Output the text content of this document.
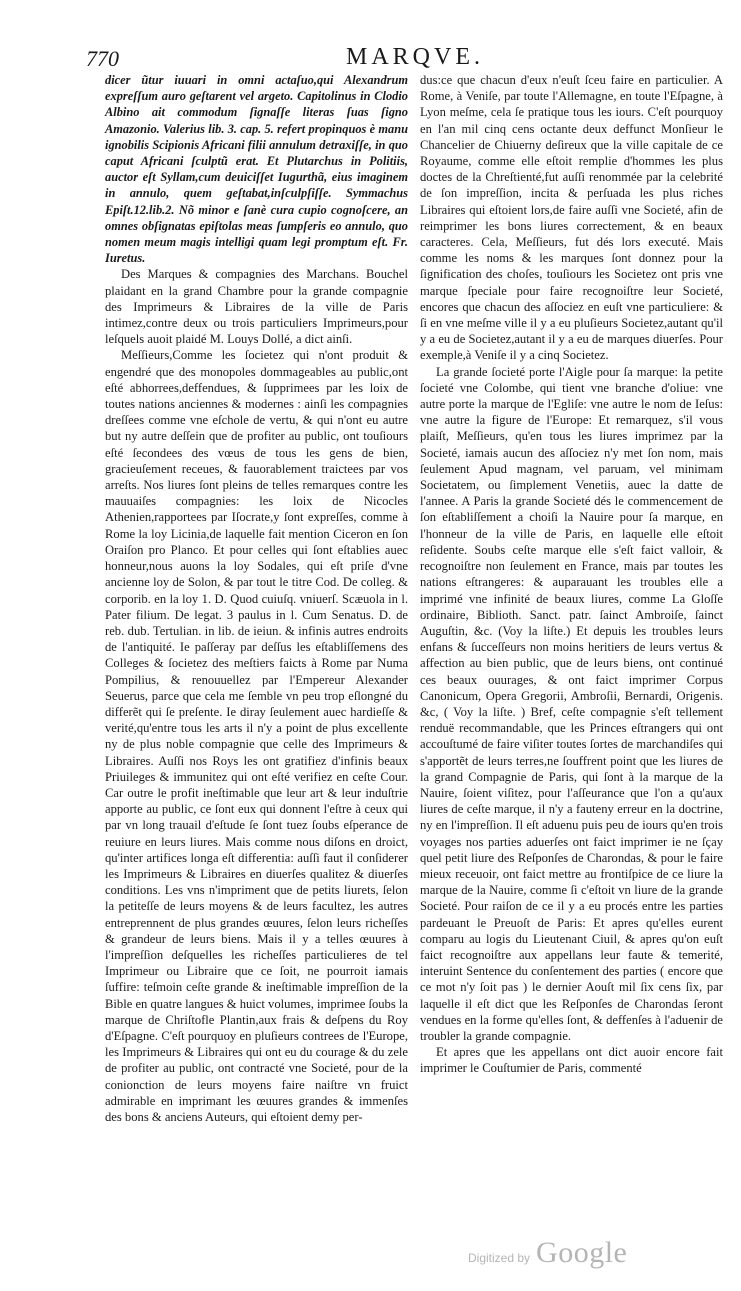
770	MARQVE.

dicer ũtur iuuari in omni actaſuo,qui Alexandrum expreſſum auro geſtarent vel argeto. Capitolinus in Clodio Albino ait commodum ſignaſſe literas ſuas ſigno Amazonio. Valerius lib. 3. cap. 5. refert propinquos è manu ignobilis Scipionis Africani filii annulum detraxiſſe, in quo caput Africani ſculptũ erat. Et Plutarchus in Politiis, auctor eſt Syllam,cum deuiciſſet Iugurthã, eius imaginem in annulo, quem geſtabat,inſculpſiſſe. Symmachus Epiſt.12.lib.2. Nõ minor e ſanè cura cupio cognoſcere, an omnes obſignatas epiſtolas meas ſumpſeris eo annulo, quo nomen meum magis intelligi quam legi promptum eſt. Fr. Iuretus.

Des Marques & compagnies des Marchans. Bouchel plaidant en la grand Chambre pour la grande compagnie des Imprimeurs & Libraires de la ville de Paris intimez,contre deux ou trois particuliers Imprimeurs,pour leſquels auoit plaidé M. Louys Dollé, a dict ainſi.

Meſſieurs,Comme les ſocietez qui n'ont produit & engendré que des monopoles dommageables au public,ont eſté abhorrees,deffendues, & ſupprimees par les loix de toutes nations anciennes & modernes : ainſi les compagnies dreſſees comme vne eſchole de vertu, & qui n'ont eu autre but ny autre deſſein que de profiter au public, ont touſiours eſté ſecondees des vœus de tous les gens de bien, gracieuſement receues, & fauorablement traictees par vos arreſts. Nos liures ſont pleins de telles remarques contre les mauuaiſes compagnies: les loix de Nicocles Athenien,rapportees par Iſocrate,y ſont expreſſes, comme à Rome la loy Licinia,de laquelle fait mention Ciceron en ſon Oraiſon pro Planco. Et pour celles qui ſont eſtablies auec honneur,nous auons la loy Sodales, qui eſt priſe d'vne ancienne loy de Solon, & par tout le titre Cod. De colleg. & corporib. en la loy 1. D. Quod cuiuſq. vniuerſ. Scæuola in l. Pater filium. De legat. 3 paulus in l. Cum Senatus. D. de reb. dub. Tertulian. in lib. de ieiun. & infinis autres endroits de l'antiquité. Ie paſſeray par deſſus les eſtabliſſemens des Colleges & ſocietez des meſtiers faicts à Rome par Numa Pompilius, & renouuellez par l'Empereur Alexander Seuerus, parce que cela me ſemble vn peu trop eſlongné du differẽt qui ſe preſente. Ie diray ſeulement auec hardieſſe & verité,qu'entre tous les arts il n'y a point de plus excellente ny de plus noble compagnie que celle des Imprimeurs & Libraires. Auſſi nos Roys les ont gratifiez d'infinis beaux Priuileges & immunitez qui ont eſté verifiez en ceſte Cour. Car outre le profit ineſtimable que leur art & leur induſtrie apporte au public, ce ſont eux qui donnent l'eſtre à ceux qui par vn long trauail d'eſtude ſe ſont tuez ſoubs eſperance de reuiure en leurs liures. Mais comme nous diſons en droict, qu'inter artifices longa eſt differentia: auſſi faut il conſiderer les Imprimeurs & Libraires en diuerſes qualitez & diuerſes conditions. Les vns n'impriment que de petits liurets, ſelon la petiteſſe de leurs moyens & de leurs facultez, les autres entreprennent de plus grandes œuures, ſelon leurs richeſſes & grandeur de leurs biens. Mais il y a telles œuures à l'impreſſion deſquelles les richeſſes particulieres de tel Imprimeur ou Libraire que ce ſoit, ne pourroit iamais ſuffire: teſmoin ceſte grande & ineſtimable impreſſion de la Bible en quatre langues & huict volumes, imprimee ſoubs la marque de Chriſtofle Plantin,aux frais & deſpens du Roy d'Eſpagne. C'eſt pourquoy en pluſieurs contrees de l'Europe, les Imprimeurs & Libraires qui ont eu du courage & du zele de profiter au public, ont contracté vne Societé, pour de la conionction de leurs moyens faire naiſtre vn fruict admirable en imprimant les œuures grandes & immenſes des bons & anciens Auteurs, qui eſtoient demy per-

dus:ce que chacun d'eux n'euſt ſceu faire en particulier. A Rome, à Veniſe, par toute l'Allemagne, en toute l'Eſpagne, à Lyon meſme, cela ſe pratique tous les iours. C'eſt pourquoy en l'an mil cinq cens octante deux deffunct Monſieur le Chancelier de Chiuerny deſireux que la ville capitale de ce Royaume, comme elle eſtoit remplie d'hommes les plus doctes de la Chreſtienté,fut auſſi renommée par la celebrité de ſon impreſſion, incita & perſuada les plus riches Libraires qui eſtoient lors,de faire auſſi vne Societé, afin de reimprimer les bons liures correctement, & en beaux caracteres. Cela, Meſſieurs, fut dés lors executé. Mais comme les noms & les marques ſont donnez pour la ſignification des choſes, touſiours les Societez ont pris vne marque ſpeciale pour faire recognoiſtre leur Societé, encores que chacun des aſſociez en euſt vne particuliere: & ſi en vne meſme ville il y a eu pluſieurs Societez,autant qu'il y a eu de Societez,autant il y a eu de marques diuerſes. Pour exemple,à Veniſe il y a cinq Societez.

La grande ſocieté porte l'Aigle pour ſa marque: la petite ſocieté vne Colombe, qui tient vne branche d'oliue: vne autre porte la marque de l'Egliſe: vne autre le nom de Ieſus: vne autre la figure de l'Europe: Et remarquez, s'il vous plaiſt, Meſſieurs, qu'en tous les liures imprimez par la Societé, iamais aucun des aſſociez n'y met ſon nom, mais ſeulement Apud magnam, vel paruam, vel minimam Societatem, ou ſimplement Venetiis, auec la datte de l'annee. A Paris la grande Societé dés le commencement de ſon eſtabliſſement a choiſi la Nauire pour ſa marque, en l'honneur de la ville de Paris, en laquelle elle eſtoit reſidente. Soubs ceſte marque elle s'eſt faict valloir, & recognoiſtre non ſeulement en France, mais par toutes les nations eſtrangeres: & auparauant les troubles elle a imprimé vne infinité de beaux liures, comme La Gloſſe ordinaire, Biblioth. Sanct. patr. ſainct Ambroiſe, ſainct Auguſtin, &c. (Voy la liſte.) Et depuis les troubles leurs enfans & ſucceſſeurs non moins heritiers de leurs vertus & affection au bien public, que de leurs biens, ont continué ces beaux ouurages, & ont faict imprimer Corpus Canonicum, Opera Gregorii, Ambroſii, Bernardi, Origenis. &c, ( Voy la liſte. ) Bref, ceſte compagnie s'eſt tellement renduë recommandable, que les Princes eſtrangers qui ont accouſtumé de faire viſiter toutes ſortes de marchandiſes qui s'apportẽt de leurs terres,ne ſouffrent point que les liures de la grand Compagnie de Paris, qui ſont à la marque de la Nauire, ſoient viſitez, pour l'aſſeurance que l'on a qu'aux liures de ceſte marque, il n'y a fauteny erreur en la doctrine, ny en l'impreſſion. Il eſt aduenu puis peu de iours qu'en trois voyages nos parties aduerſes ont faict imprimer ie ne ſçay quel petit liure des Reſponſes de Charondas, & pour le faire mieux receuoir, ont faict mettre au frontiſpice de ce liure la marque de la Nauire, comme ſi c'eſtoit vn liure de la grande Societé. Pour raiſon de ce il y a eu procés entre les parties pardeuant le Preuoſt de Paris: Et apres qu'elles eurent comparu au logis du Lieutenant Ciuil, & apres qu'on euſt faict recognoiſtre aux appellans leur faute & temerité, interuint Sentence du conſentement des parties ( encore que ce mot n'y ſoit pas ) le dernier Aouſt mil ſix cens ſix, par laquelle il eſt dict que les Reſponſes de Charondas ſeront vendues en la forme qu'elles ſont, & deffenſes à l'aduenir de troubler la grande compagnie.

Et apres que les appellans ont dict auoir encore fait imprimer le Couſtumier de Paris, commenté

Digitized by Google
